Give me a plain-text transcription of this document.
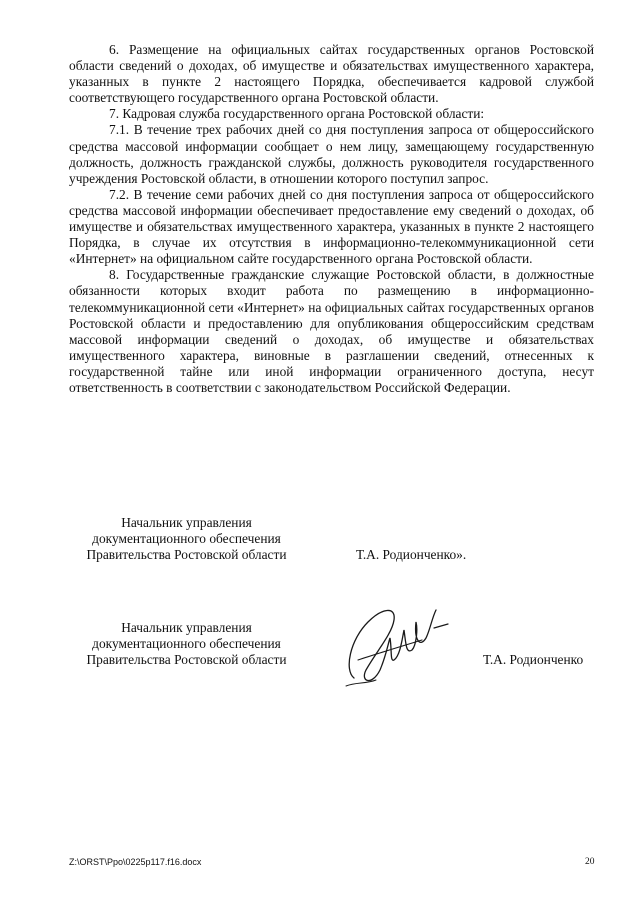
6. Размещение на официальных сайтах государственных органов Ростовской области сведений о доходах, об имуществе и обязательствах имущественного характера, указанных в пункте 2 настоящего Порядка, обеспечивается кадровой службой соответствующего государственного органа Ростовской области.

7. Кадровая служба государственного органа Ростовской области:

7.1. В течение трех рабочих дней со дня поступления запроса от общероссийского средства массовой информации сообщает о нем лицу, замещающему государственную должность, должность гражданской службы, должность руководителя государственного учреждения Ростовской области, в отношении которого поступил запрос.

7.2. В течение семи рабочих дней со дня поступления запроса от общероссийского средства массовой информации обеспечивает предоставление ему сведений о доходах, об имуществе и обязательствах имущественного характера, указанных в пункте 2 настоящего Порядка, в случае их отсутствия в информационно-телекоммуникационной сети «Интернет» на официальном сайте государственного органа Ростовской области.

8. Государственные гражданские служащие Ростовской области, в должностные обязанности которых входит работа по размещению в информационно-телекоммуникационной сети «Интернет» на официальных сайтах государственных органов Ростовской области и предоставлению для опубликования общероссийским средствам массовой информации сведений о доходах, об имуществе и обязательствах имущественного характера, виновные в разглашении сведений, отнесенных к государственной тайне или иной информации ограниченного доступа, несут ответственность в соответствии с законодательством Российской Федерации.

Начальник управления
документационного обеспечения
Правительства Ростовской области	Т.А. Родионченко».
Начальник управления
документационного обеспечения
Правительства Ростовской области	Т.А. Родионченко
Z:\ORST\Ppo\0225p117.f16.docx	20
